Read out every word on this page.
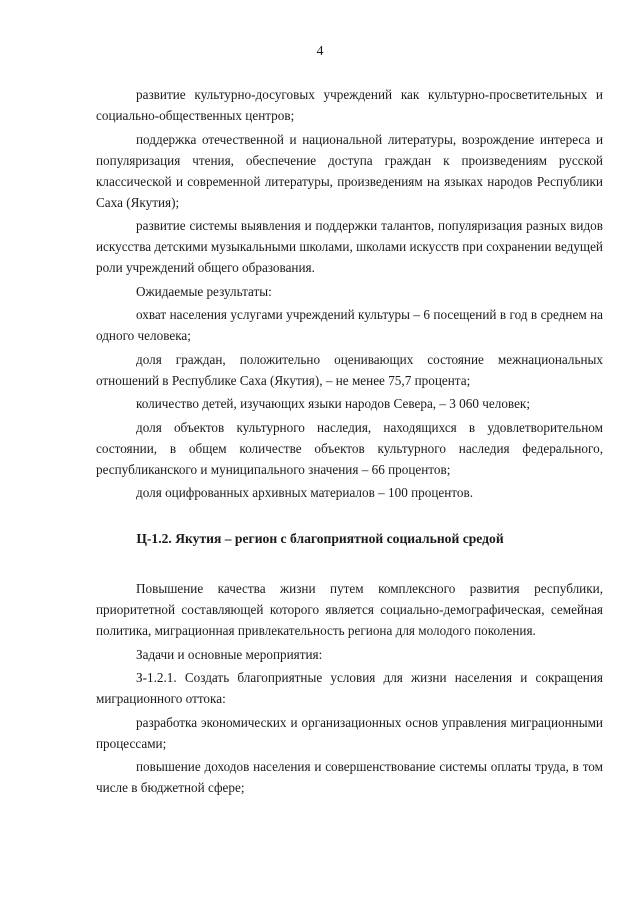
4

развитие культурно-досуговых учреждений как культурно-просветительных и социально-общественных центров;

поддержка отечественной и национальной литературы, возрождение интереса и популяризация чтения, обеспечение доступа граждан к произведениям русской классической и современной литературы, произведениям на языках народов Республики Саха (Якутия);

развитие системы выявления и поддержки талантов, популяризация разных видов искусства детскими музыкальными школами, школами искусств при сохранении ведущей роли учреждений общего образования.

Ожидаемые результаты:

охват населения услугами учреждений культуры – 6 посещений в год в среднем на одного человека;

доля граждан, положительно оценивающих состояние межнациональных отношений в Республике Саха (Якутия), – не менее 75,7 процента;

количество детей, изучающих языки народов Севера, – 3 060 человек;

доля объектов культурного наследия, находящихся в удовлетворительном состоянии, в общем количестве объектов культурного наследия федерального, республиканского и муниципального значения – 66 процентов;

доля оцифрованных архивных материалов – 100 процентов.

Ц-1.2. Якутия – регион с благоприятной социальной средой

Повышение качества жизни путем комплексного развития республики, приоритетной составляющей которого является социально-демографическая, семейная политика, миграционная привлекательность региона для молодого поколения.

Задачи и основные мероприятия:

З-1.2.1. Создать благоприятные условия для жизни населения и сокращения миграционного оттока:

разработка экономических и организационных основ управления миграционными процессами;

повышение доходов населения и совершенствование системы оплаты труда, в том числе в бюджетной сфере;
